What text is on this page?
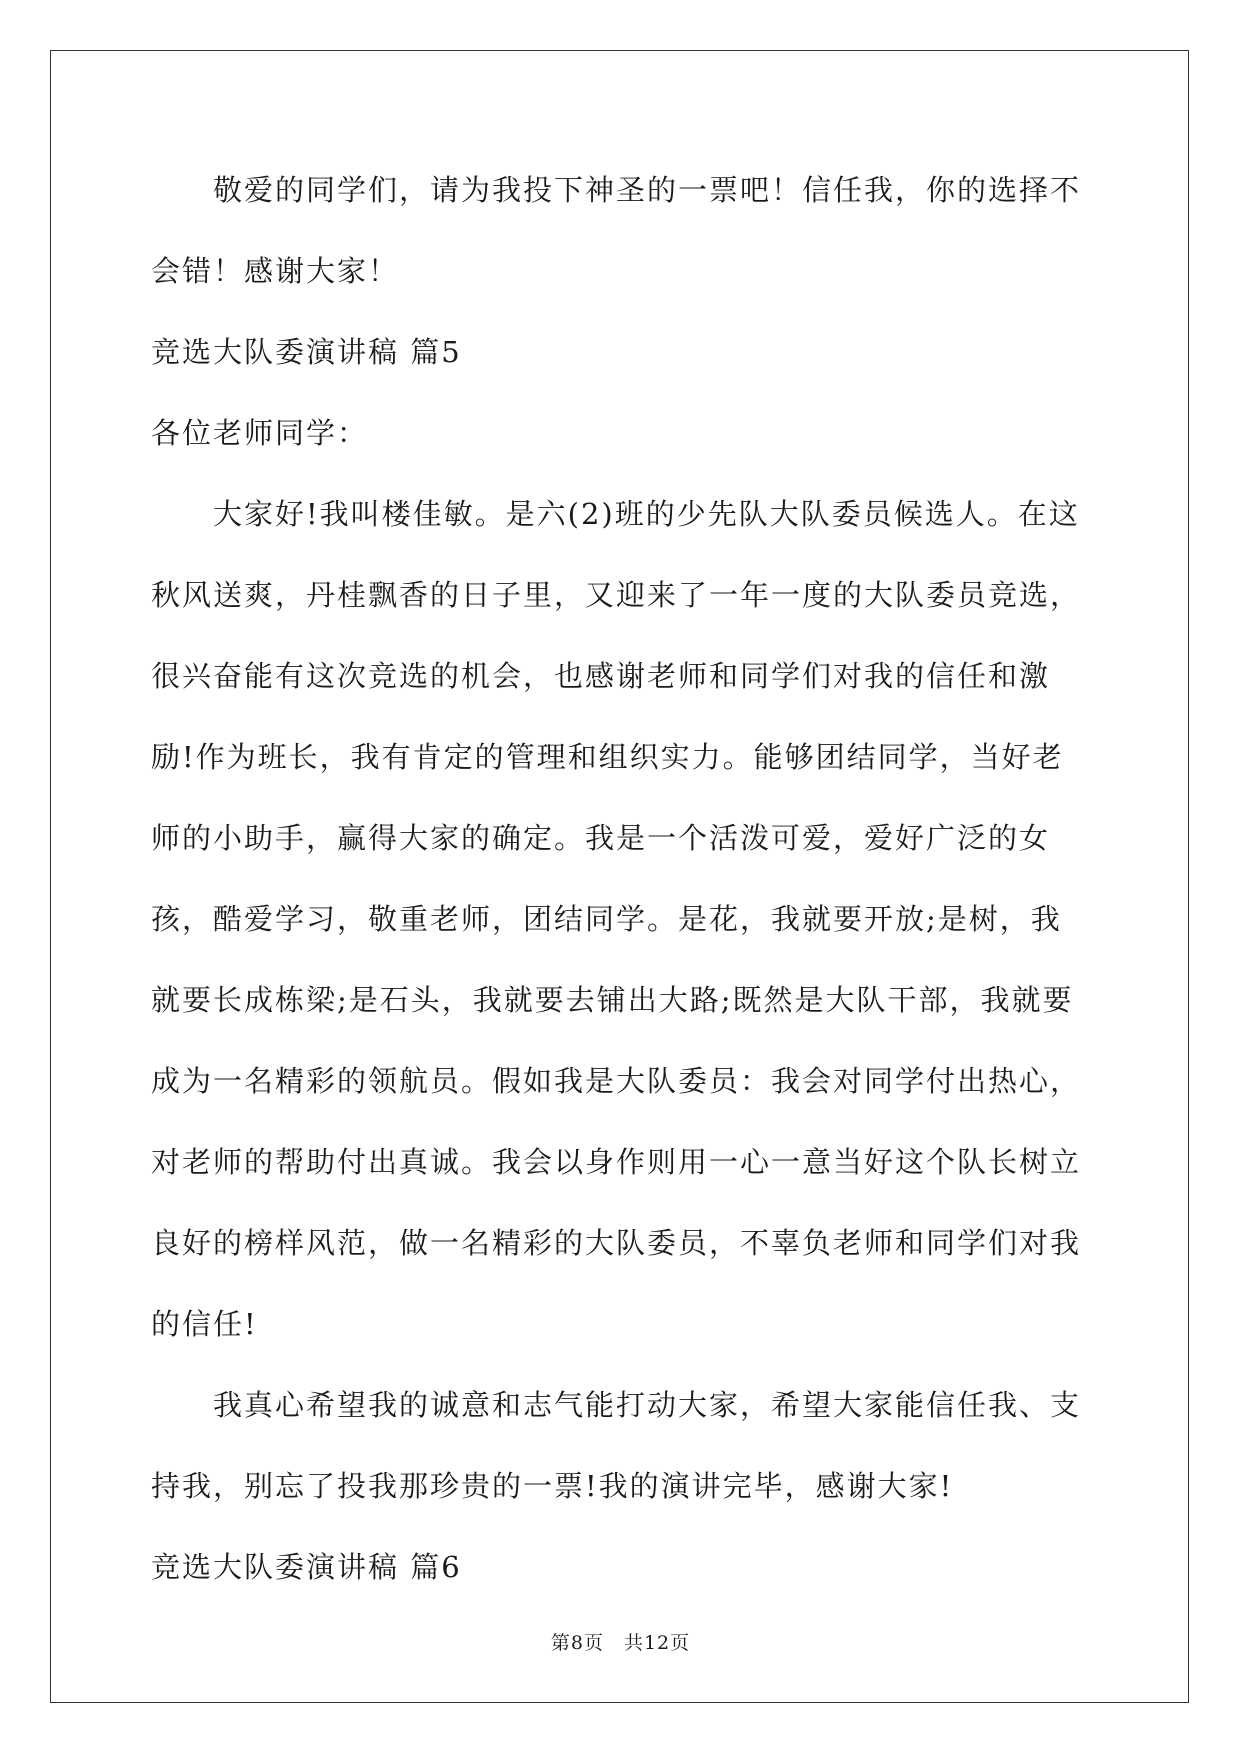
敬爱的同学们，请为我投下神圣的一票吧！信任我，你的选择不会错！感谢大家！

竞选大队委演讲稿 篇5

各位老师同学：

大家好!我叫楼佳敏。是六(2)班的少先队大队委员候选人。在这秋风送爽，丹桂飘香的日子里，又迎来了一年一度的大队委员竞选，很兴奋能有这次竞选的机会，也感谢老师和同学们对我的信任和激励!作为班长，我有肯定的管理和组织实力。能够团结同学，当好老师的小助手，赢得大家的确定。我是一个活泼可爱，爱好广泛的女孩，酷爱学习，敬重老师，团结同学。是花，我就要开放;是树，我就要长成栋梁;是石头，我就要去铺出大路;既然是大队干部，我就要成为一名精彩的领航员。假如我是大队委员：我会对同学付出热心，对老师的帮助付出真诚。我会以身作则用一心一意当好这个队长树立良好的榜样风范，做一名精彩的大队委员，不辜负老师和同学们对我的信任!

我真心希望我的诚意和志气能打动大家，希望大家能信任我、支持我，别忘了投我那珍贵的一票!我的演讲完毕，感谢大家!

竞选大队委演讲稿 篇6

第8页　共12页
